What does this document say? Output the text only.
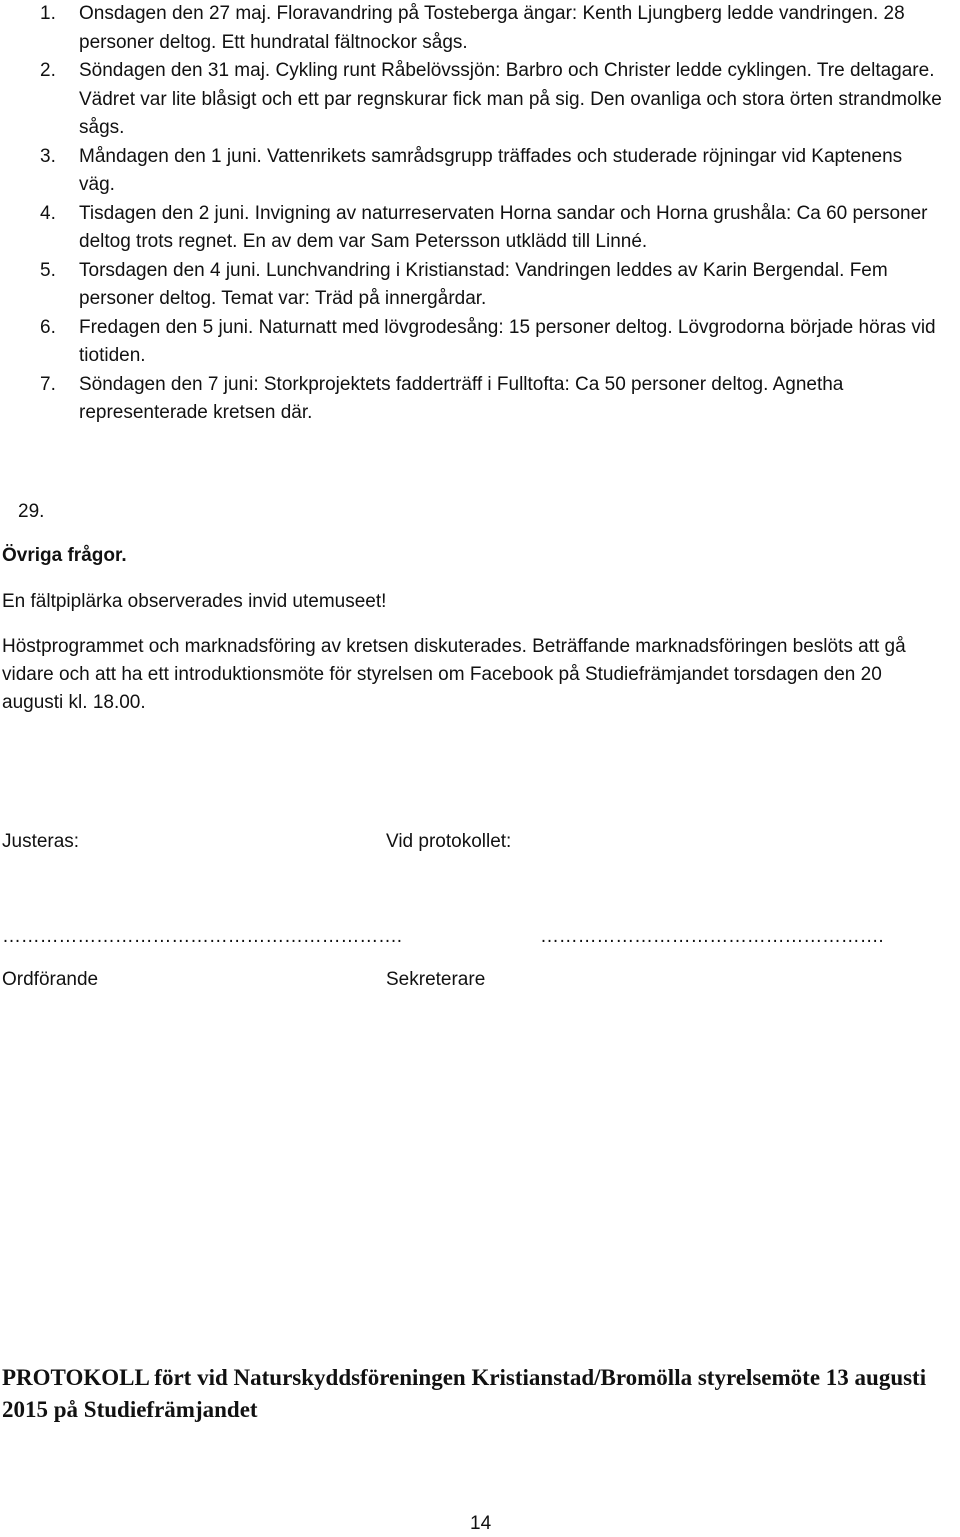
1.	Onsdagen den 27 maj. Floravandring på Tosteberga ängar: Kenth Ljungberg ledde vandringen. 28 personer deltog. Ett hundratal fältnockor sågs.
2.	Söndagen den 31 maj. Cykling runt Råbelövssjön: Barbro och Christer ledde cyklingen. Tre deltagare. Vädret var lite blåsigt och ett par regnskurar fick man på sig. Den ovanliga och stora örten strandmolke sågs.
3.	Måndagen den 1 juni. Vattenrikets samrådsgrupp träffades och studerade röjningar vid Kaptenens väg.
4.	Tisdagen den 2 juni. Invigning av naturreservaten Horna sandar och Horna grushåla: Ca 60 personer deltog trots regnet. En av dem var Sam Petersson utklädd till Linné.
5.	Torsdagen den 4 juni. Lunchvandring i Kristianstad: Vandringen leddes av Karin Bergendal. Fem personer deltog. Temat var: Träd på innergårdar.
6.	Fredagen den 5 juni. Naturnatt med lövgrodesång: 15 personer deltog. Lövgrodorna började höras vid tiotiden.
7.	Söndagen den 7 juni: Storkprojektets fadderträff i Fulltofta: Ca 50 personer deltog. Agnetha representerade kretsen där.
29.
Övriga frågor.
En fältpiplärka observerades invid utemuseet!
Höstprogrammet och marknadsföring av kretsen diskuterades. Beträffande marknadsföringen beslöts att gå vidare och att ha ett introduktionsmöte för styrelsen om Facebook på Studiefrämjandet torsdagen den 20 augusti kl. 18.00.
Justeras:	Vid protokollet:
……………………………………………………….	……………………………………………….
Ordförande	Sekreterare
PROTOKOLL fört vid Naturskyddsföreningen Kristianstad/Bromölla styrelsemöte 13 augusti 2015 på Studiefrämjandet
14
